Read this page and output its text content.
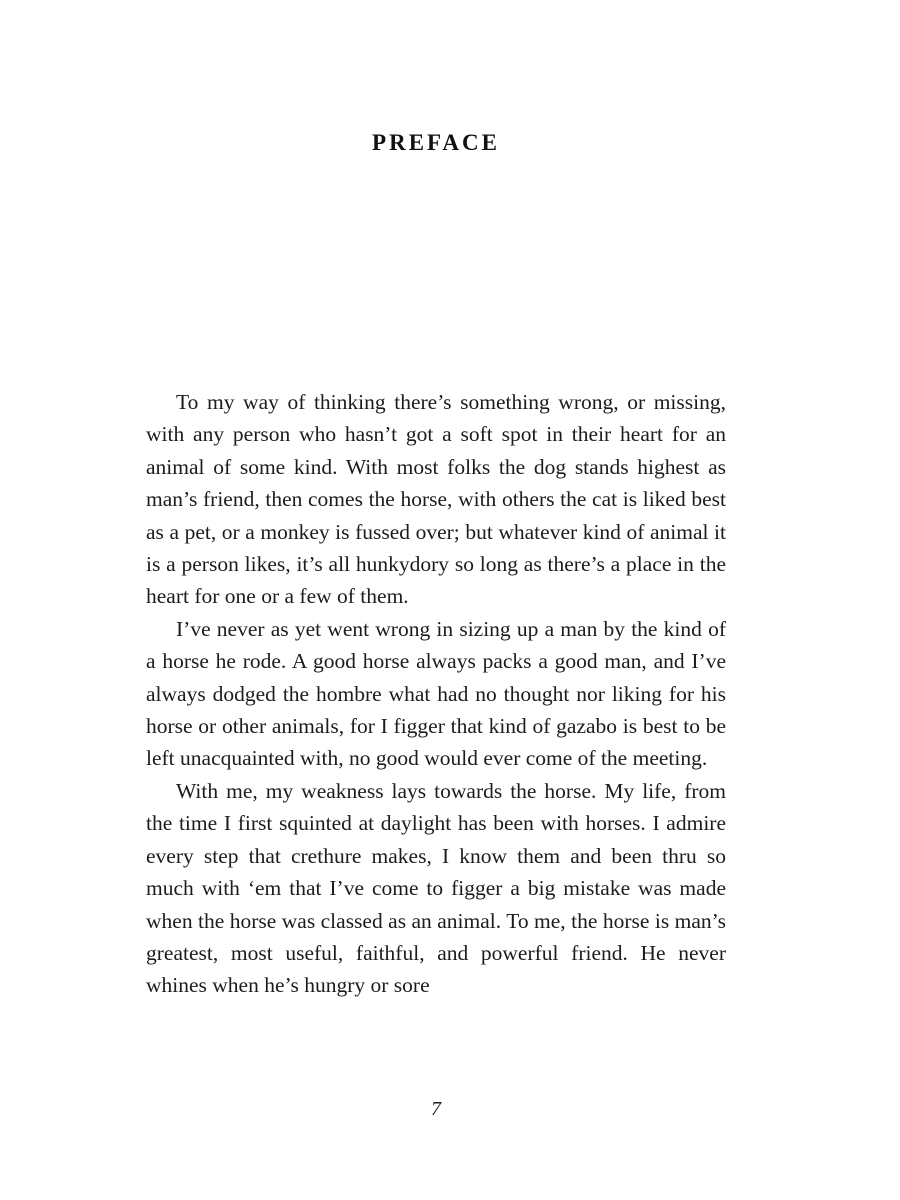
PREFACE

To my way of thinking there’s something wrong, or missing, with any person who hasn’t got a soft spot in their heart for an animal of some kind. With most folks the dog stands highest as man’s friend, then comes the horse, with others the cat is liked best as a pet, or a monkey is fussed over; but whatever kind of animal it is a person likes, it’s all hunkydory so long as there’s a place in the heart for one or a few of them.

I’ve never as yet went wrong in sizing up a man by the kind of a horse he rode. A good horse always packs a good man, and I’ve always dodged the hombre what had no thought nor liking for his horse or other animals, for I figger that kind of gazabo is best to be left unacquainted with, no good would ever come of the meeting.

With me, my weakness lays towards the horse. My life, from the time I first squinted at daylight has been with horses. I admire every step that crethure makes, I know them and been thru so much with ‘em that I’ve come to figger a big mistake was made when the horse was classed as an animal. To me, the horse is man’s greatest, most useful, faithful, and powerful friend. He never whines when he’s hungry or sore

7
